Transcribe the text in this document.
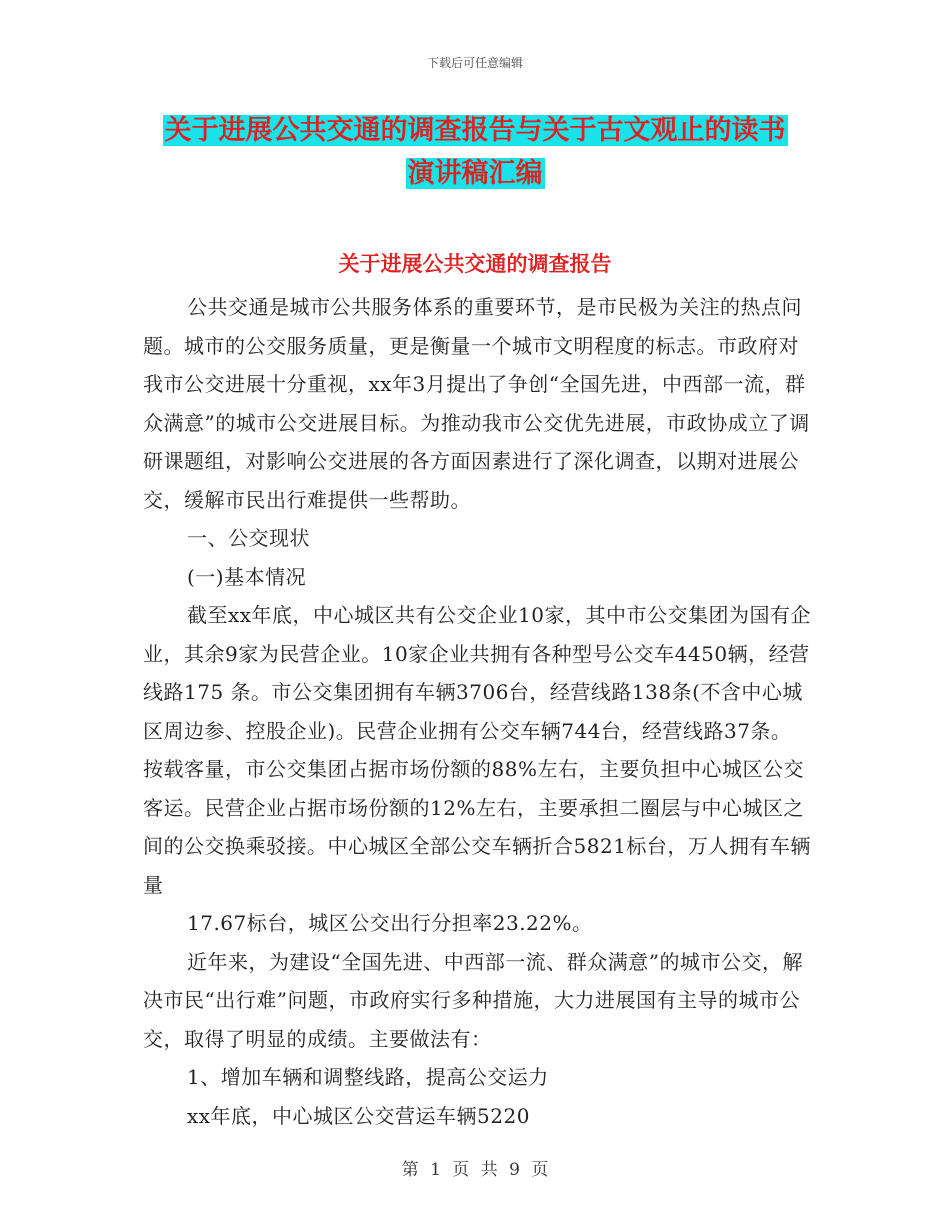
下载后可任意编辑
关于进展公共交通的调查报告与关于古文观止的读书
演讲稿汇编
关于进展公共交通的调查报告

公共交通是城市公共服务体系的重要环节，是市民极为关注的热点问题。城市的公交服务质量，更是衡量一个城市文明程度的标志。市政府对我市公交进展十分重视，xx年3月提出了争创“全国先进，中西部一流，群众满意”的城市公交进展目标。为推动我市公交优先进展，市政协成立了调研课题组，对影响公交进展的各方面因素进行了深化调查，以期对进展公交，缓解市民出行难提供一些帮助。

一、公交现状

(一)基本情况

截至xx年底，中心城区共有公交企业10家，其中市公交集团为国有企业，其余9家为民营企业。10家企业共拥有各种型号公交车4450辆，经营线路175 条。市公交集团拥有车辆3706台，经营线路138条(不含中心城区周边参、控股企业)。民营企业拥有公交车辆744台，经营线路37条。按载客量，市公交集团占据市场份额的88%左右，主要负担中心城区公交客运。民营企业占据市场份额的12%左右，主要承担二圈层与中心城区之间的公交换乘驳接。中心城区全部公交车辆折合5821标台，万人拥有车辆量

17.67标台，城区公交出行分担率23.22%。

近年来，为建设“全国先进、中西部一流、群众满意”的城市公交，解决市民“出行难”问题，市政府实行多种措施，大力进展国有主导的城市公交，取得了明显的成绩。主要做法有：

1、增加车辆和调整线路，提高公交运力

xx年底，中心城区公交营运车辆5220

第 1 页 共 9 页
